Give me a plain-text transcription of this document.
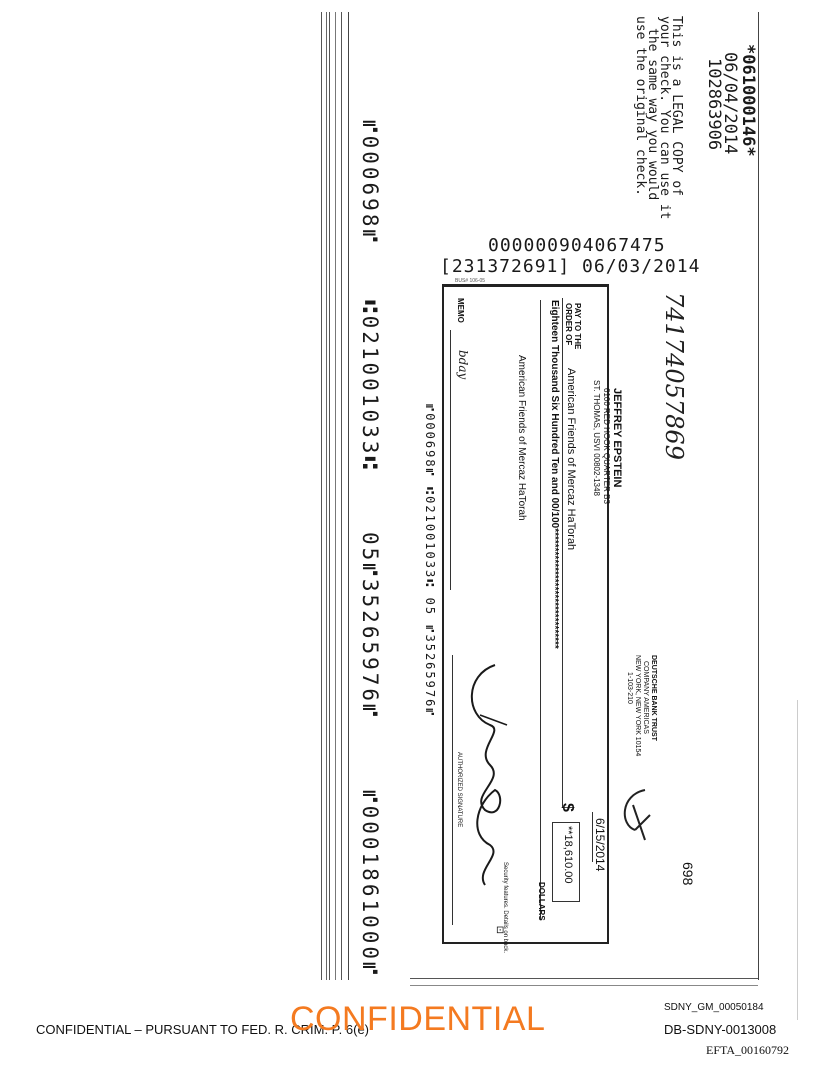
⑈000698⑈
⑆021001033⑆
05⑈35265976⑈
⑈0001861000⑈
*061000146*
06/04/2014
102863906
This is a LEGAL COPY of
your check. You can use it
the same way you would
use the original check.
000000904067475
[231372691] 06/03/2014
74174057869
JEFFREY EPSTEIN
6100 RED HOOK QUARTER B3
ST. THOMAS, USVI 00802-1348
DEUTSCHE BANK TRUST
COMPANY AMERICAS
NEW YORK, NEW YORK 10154
1-103-210
698
6/15/2014
PAY TO THE
ORDER OF
American Friends of Mercaz HaTorah
$
**18,610.00
Eighteen Thousand Six Hundred Ten and 00/100*******************************
DOLLARS
American Friends of Mercaz HaTorah
MEMO
bday
AUTHORIZED SIGNATURE
Security features. Details on back.
⊡
⑈000698⑈ ⑆021001033⑆ 05 ⑈35265976⑈
BUS# 106-05
SDNY_GM_00050184
CONFIDENTIAL – PURSUANT TO FED. R. CRIM. P. 6(e)
CONFIDENTIAL	DB-SDNY-0013008
EFTA_00160792
